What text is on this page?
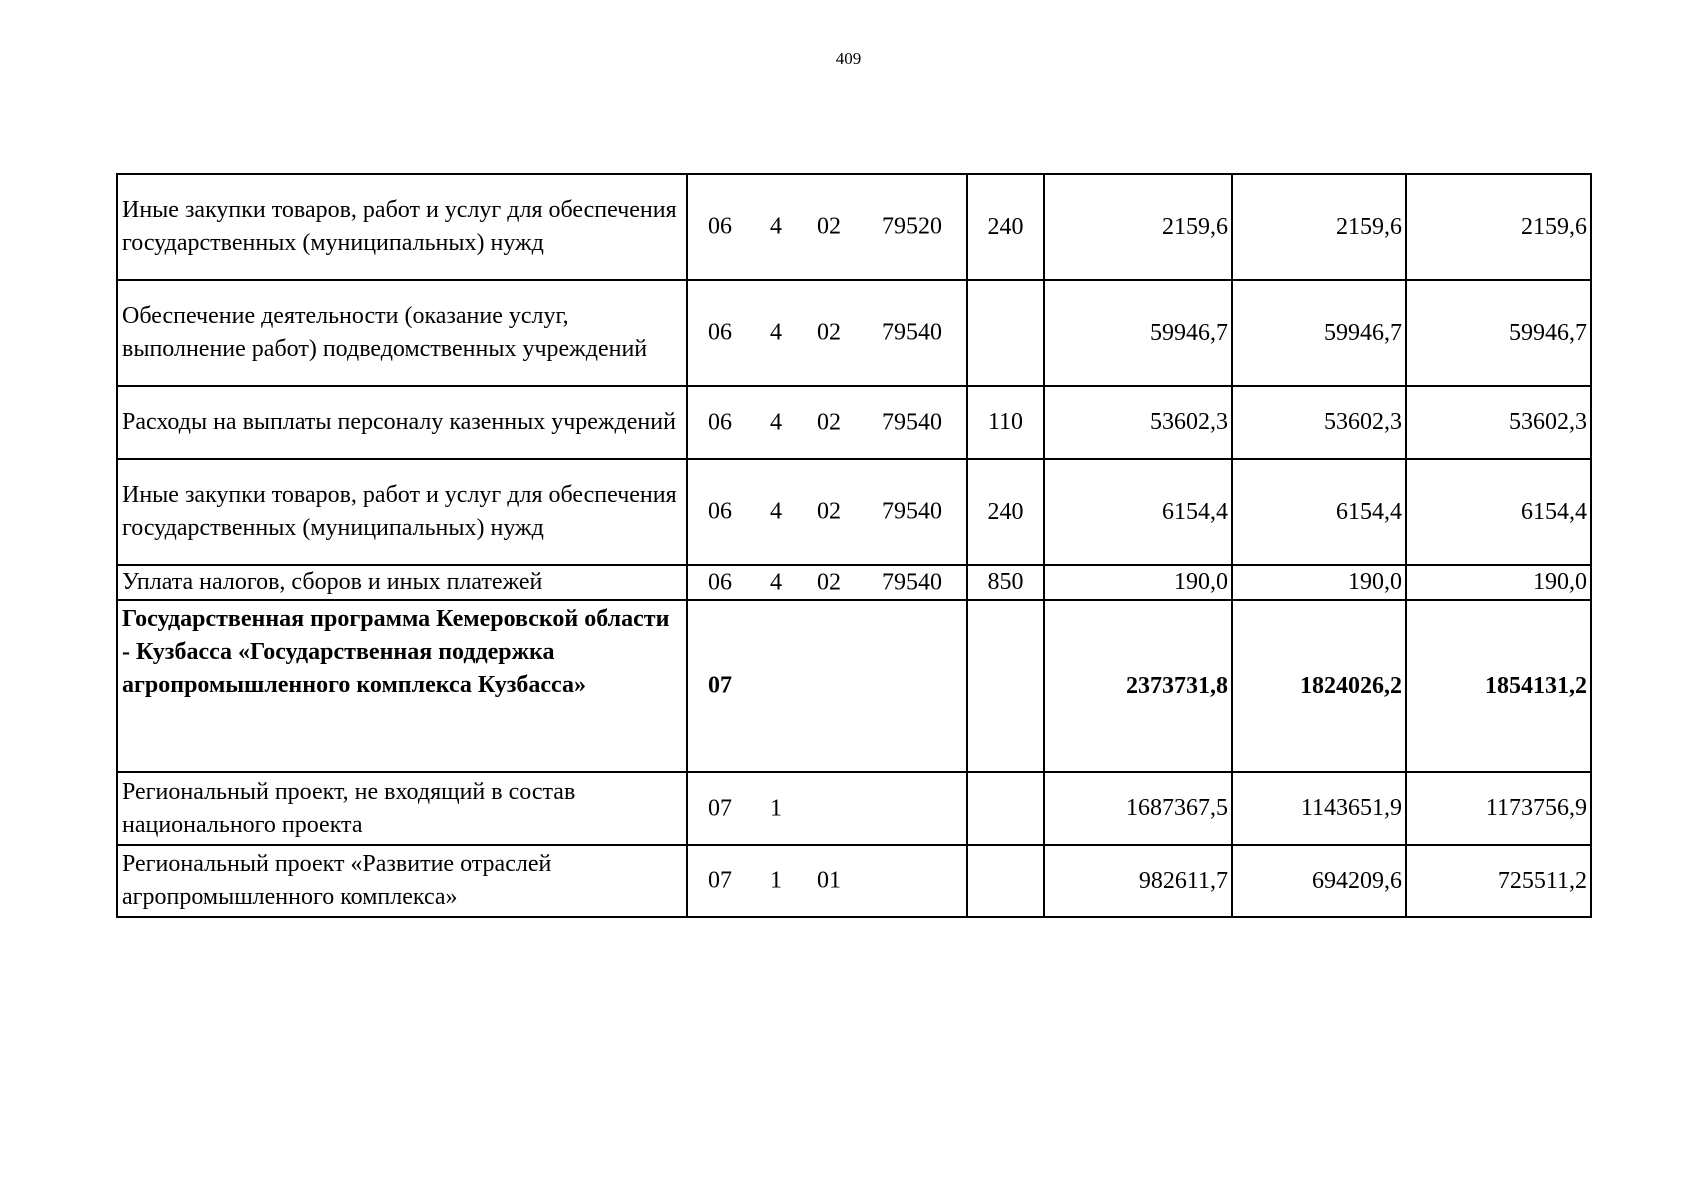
409
Иные закупки товаров, работ и услуг для обеспечения государственных (муниципальных) нужд	06 4 02 79520	240	2159,6	2159,6	2159,6
Обеспечение деятельности (оказание услуг, выполнение работ) подведомственных учреждений	06 4 02 79540		59946,7	59946,7	59946,7
Расходы на выплаты персоналу казенных учреждений	06 4 02 79540	110	53602,3	53602,3	53602,3
Иные закупки товаров, работ и услуг для обеспечения государственных (муниципальных) нужд	06 4 02 79540	240	6154,4	6154,4	6154,4
Уплата налогов, сборов и иных платежей	06 4 02 79540	850	190,0	190,0	190,0
Государственная программа Кемеровской области - Кузбасса «Государственная поддержка агропромышленного комплекса Кузбасса»	07		2373731,8	1824026,2	1854131,2
Региональный проект, не входящий в состав национального проекта	07 1		1687367,5	1143651,9	1173756,9
Региональный проект «Развитие отраслей агропромышленного комплекса»	07 1 01		982611,7	694209,6	725511,2
